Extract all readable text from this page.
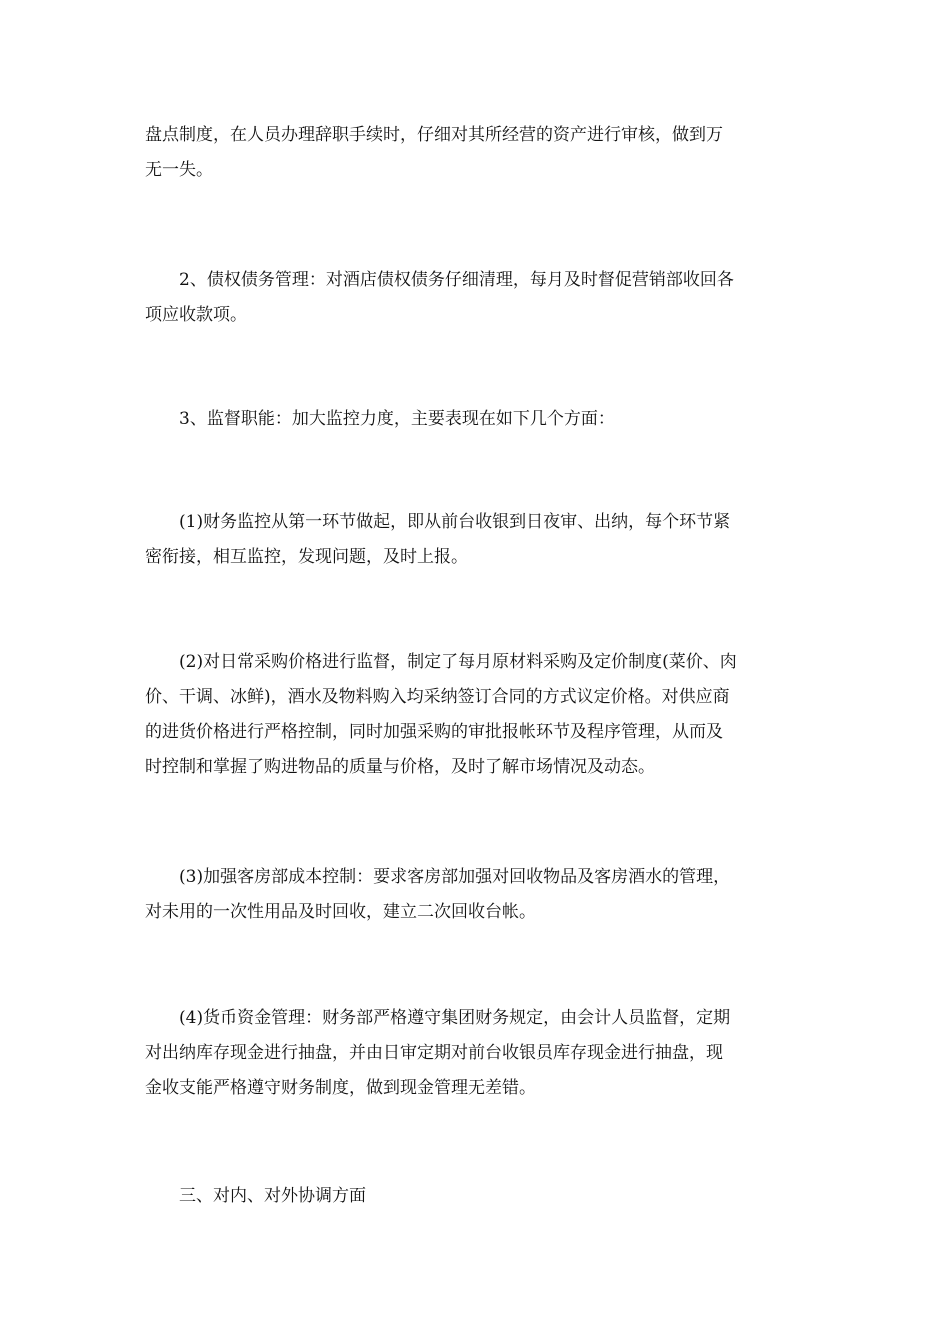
盘点制度，在人员办理辞职手续时，仔细对其所经营的资产进行审核，做到万
无一失。

　　2、债权债务管理：对酒店债权债务仔细清理，每月及时督促营销部收回各
项应收款项。

　　3、监督职能：加大监控力度，主要表现在如下几个方面：

　　(1)财务监控从第一环节做起，即从前台收银到日夜审、出纳，每个环节紧
密衔接，相互监控，发现问题，及时上报。

　　(2)对日常采购价格进行监督，制定了每月原材料采购及定价制度(菜价、肉
价、干调、冰鲜)，酒水及物料购入均采纳签订合同的方式议定价格。对供应商
的进货价格进行严格控制，同时加强采购的审批报帐环节及程序管理，从而及
时控制和掌握了购进物品的质量与价格，及时了解市场情况及动态。

　　(3)加强客房部成本控制：要求客房部加强对回收物品及客房酒水的管理，
对未用的一次性用品及时回收，建立二次回收台帐。

　　(4)货币资金管理：财务部严格遵守集团财务规定，由会计人员监督，定期
对出纳库存现金进行抽盘，并由日审定期对前台收银员库存现金进行抽盘，现
金收支能严格遵守财务制度，做到现金管理无差错。

　　三、对内、对外协调方面
